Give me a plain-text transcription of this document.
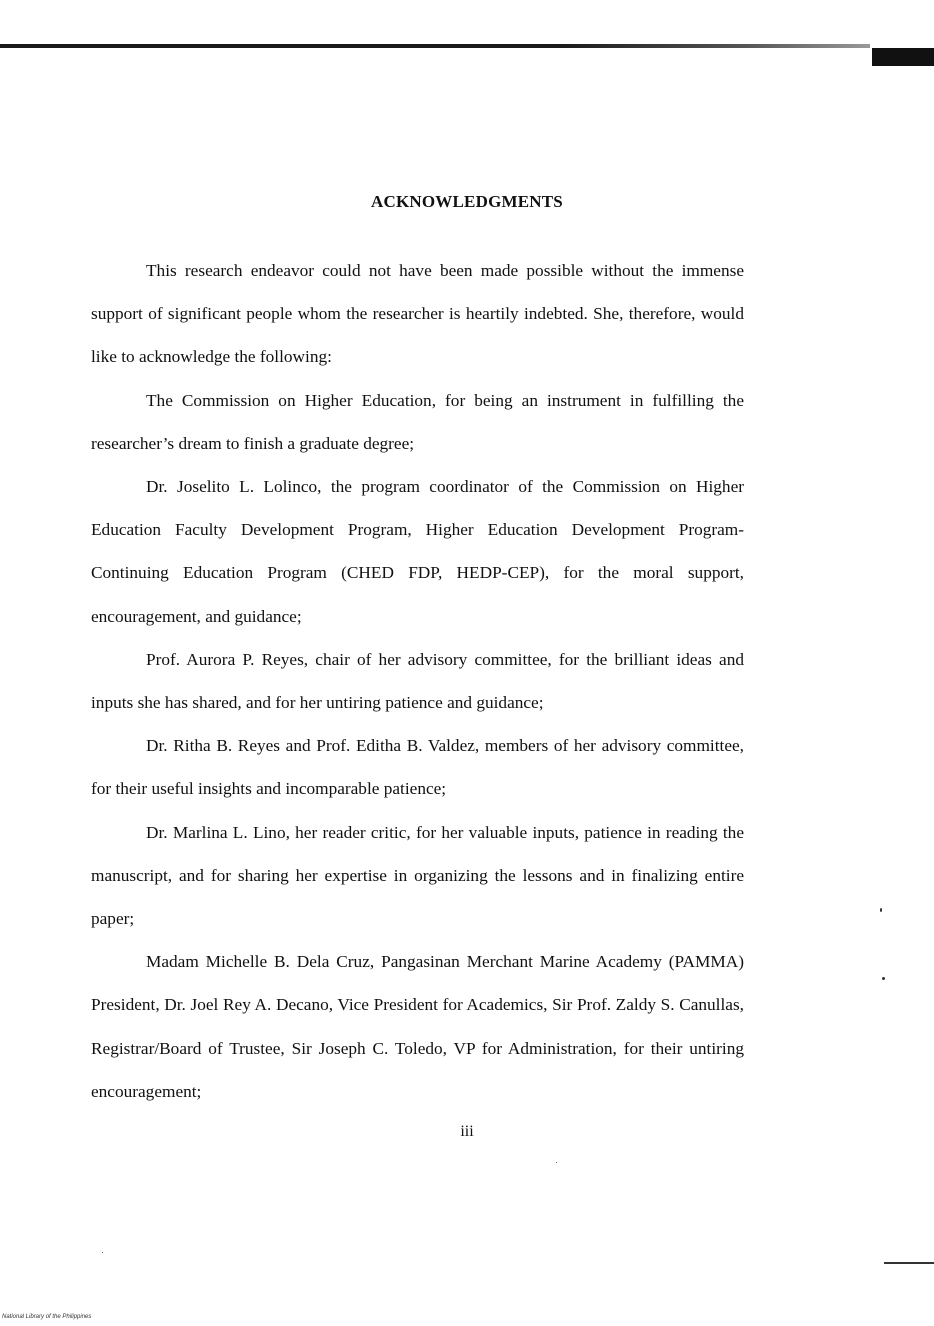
ACKNOWLEDGMENTS

This research endeavor could not have been made possible without the immense support of significant people whom the researcher is heartily indebted. She, therefore, would like to acknowledge the following:

The Commission on Higher Education, for being an instrument in fulfilling the researcher’s dream to finish a graduate degree;

Dr. Joselito L. Lolinco, the program coordinator of the Commission on Higher Education Faculty Development Program, Higher Education Development Program-Continuing Education Program (CHED FDP, HEDP-CEP), for the moral support, encouragement, and guidance;

Prof. Aurora P. Reyes, chair of her advisory committee, for the brilliant ideas and inputs she has shared, and for her untiring patience and guidance;

Dr. Ritha B. Reyes and Prof. Editha B. Valdez, members of her advisory committee, for their useful insights and incomparable patience;

Dr. Marlina L. Lino, her reader critic, for her valuable inputs, patience in reading the manuscript, and for sharing her expertise in organizing the lessons and in finalizing entire paper;

Madam Michelle B. Dela Cruz, Pangasinan Merchant Marine Academy (PAMMA) President, Dr. Joel Rey A. Decano, Vice President for Academics, Sir Prof. Zaldy S. Canullas, Registrar/Board of Trustee, Sir Joseph C. Toledo, VP for Administration, for their untiring encouragement;

iii
National Library of the Philippines
